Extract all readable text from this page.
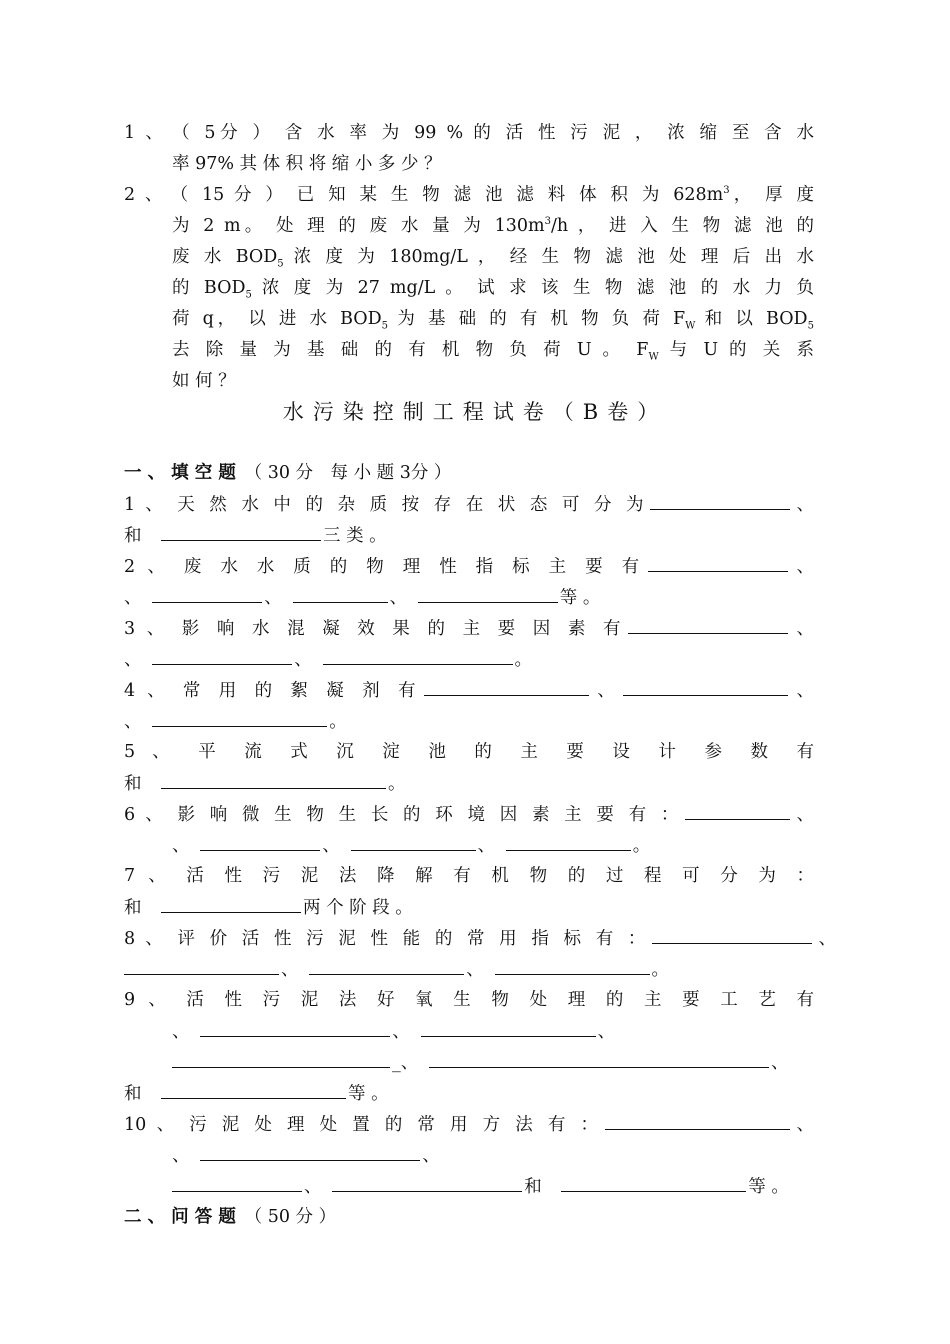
1 、　 （ 5分 ） 含 水 率 为 99 % 的 活 性 污 泥 ， 浓 缩 至 含 水
率 97% 其 体 积 将 缩 小 多 少 ？
2 、　 （ 15 分 ） 已 知 某 生 物 滤 池 滤 料 体 积 为 $628m^3$， 厚 度
为 2 m。 处 理 的 废 水 量 为 $130m^3/h$ ， 进 入 生 物 滤 池 的
废 水 $BOD_5$ 浓 度 为 180mg/L ， 经 生 物 滤 池 处 理 后 出 水
的 $BOD_5$ 浓 度 为 27 mg/L 。 试 求 该 生 物 滤 池 的 水 力 负
荷 q， 以 进 水 $BOD_5$ 为 基 础 的 有 机 物 负 荷 $F_W$ 和 以 $BOD_5$
去 除 量 为 基 础 的 有 机 物 负 荷 U 。 $F_W$ 与 U 的 关 系
如 何 ？
水污染控制工程试卷（B卷）
一 、 填 空 题　 （ 30 分　每 小 题 3分 ）
1 、 天 然 水 中 的 杂 质 按 存 在 状 态 可 分 为	、
和　	三 类 。
2 、 废 水 水 质 的 物 理 性 指 标 主 要 有	、
、　	、　	、　	等 。
3 、 影 响 水 混 凝 效 果 的 主 要 因 素 有	、
、　	、　	。
4 、 常 用 的 絮 凝 剂 有	、	、
、　	。
5 、 平 流 式 沉 淀 池 的 主 要 设 计 参 数 有
和　	。
6 、 影 响 微 生 物 生 长 的 环 境 因 素 主 要 有 ：	、
、　	、　	、　	。
7 、 活 性 污 泥 法 降 解 有 机 物 的 过 程 可 分 为 ：
和　	两 个 阶 段 。
8 、 评 价 活 性 污 泥 性 能 的 常 用 指 标 有 ：	、
、　	、　	。
9 、 活 性 污 泥 法 好 氧 生 物 处 理 的 主 要 工 艺 有
、　	、　	、
_、　	、
和　	等 。
10 、 污 泥 处 理 处 置 的 常 用 方 法 有 ：	、
、　	、
、　	和　	等 。
二 、 问 答 题　 （ 50 分 ）
